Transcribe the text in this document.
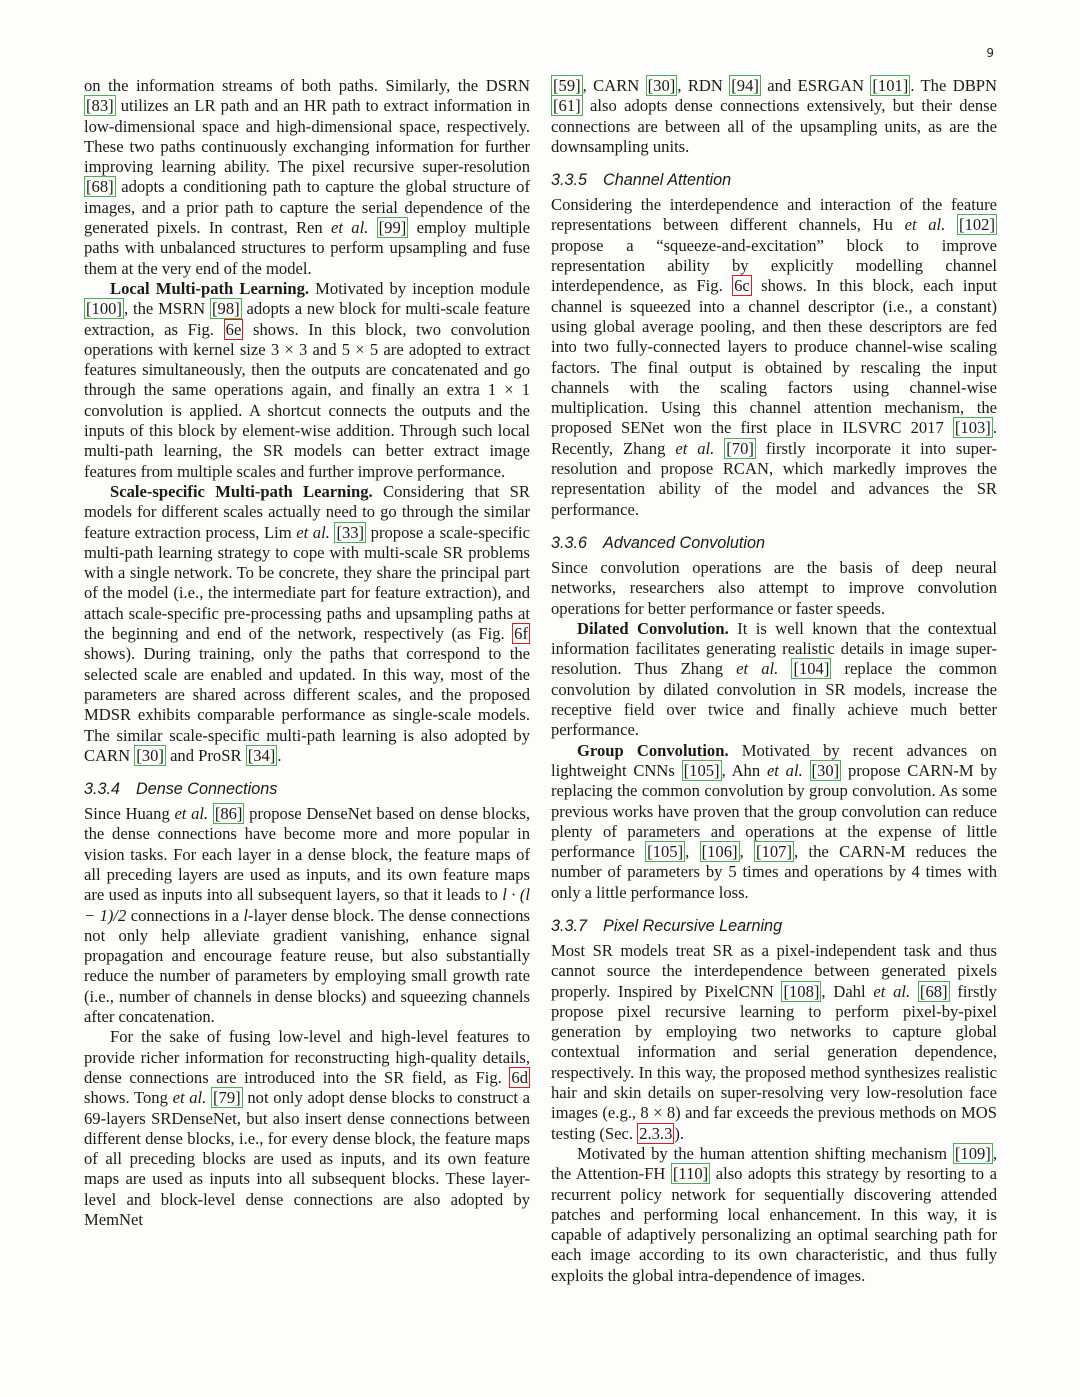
9

on the information streams of both paths. Similarly, the DSRN [83] utilizes an LR path and an HR path to extract information in low-dimensional space and high-dimensional space, respectively. These two paths continuously exchanging information for further improving learning ability. The pixel recursive super-resolution [68] adopts a conditioning path to capture the global structure of images, and a prior path to capture the serial dependence of the generated pixels. In contrast, Ren et al. [99] employ multiple paths with unbalanced structures to perform upsampling and fuse them at the very end of the model.

Local Multi-path Learning. Motivated by inception module [100] , the MSRN [98] adopts a new block for multi-scale feature extraction, as Fig. 6e shows. In this block, two convolution operations with kernel size 3 × 3 and 5 × 5 are adopted to extract features simultaneously, then the outputs are concatenated and go through the same operations again, and finally an extra 1 × 1 convolution is applied. A shortcut connects the outputs and the inputs of this block by element-wise addition. Through such local multi-path learning, the SR models can better extract image features from multiple scales and further improve performance.

Scale-specific Multi-path Learning. Considering that SR models for different scales actually need to go through the similar feature extraction process, Lim et al. [33] propose a scale-specific multi-path learning strategy to cope with multi-scale SR problems with a single network. To be concrete, they share the principal part of the model (i.e., the intermediate part for feature extraction), and attach scale-specific pre-processing paths and upsampling paths at the beginning and end of the network, respectively (as Fig. 6f shows). During training, only the paths that correspond to the selected scale are enabled and updated. In this way, most of the parameters are shared across different scales, and the proposed MDSR exhibits comparable performance as single-scale models. The similar scale-specific multi-path learning is also adopted by CARN [30] and ProSR [34] .

3.3.4 Dense Connections

Since Huang et al. [86] propose DenseNet based on dense blocks, the dense connections have become more and more popular in vision tasks. For each layer in a dense block, the feature maps of all preceding layers are used as inputs, and its own feature maps are used as inputs into all subsequent layers, so that it leads to l · (l − 1)/2 connections in a l-layer dense block. The dense connections not only help alleviate gradient vanishing, enhance signal propagation and encourage feature reuse, but also substantially reduce the number of parameters by employing small growth rate (i.e., number of channels in dense blocks) and squeezing channels after concatenation.

For the sake of fusing low-level and high-level features to provide richer information for reconstructing high-quality details, dense connections are introduced into the SR field, as Fig. 6d shows. Tong et al. [79] not only adopt dense blocks to construct a 69-layers SRDenseNet, but also insert dense connections between different dense blocks, i.e., for every dense block, the feature maps of all preceding blocks are used as inputs, and its own feature maps are used as inputs into all subsequent blocks. These layer-level and block-level dense connections are also adopted by MemNet

[59] , CARN [30] , RDN [94] and ESRGAN [101] . The DBPN [61] also adopts dense connections extensively, but their dense connections are between all of the upsampling units, as are the downsampling units.

3.3.5 Channel Attention

Considering the interdependence and interaction of the feature representations between different channels, Hu et al. [102] propose a “squeeze-and-excitation” block to improve representation ability by explicitly modelling channel interdependence, as Fig. 6c shows. In this block, each input channel is squeezed into a channel descriptor (i.e., a constant) using global average pooling, and then these descriptors are fed into two fully-connected layers to produce channel-wise scaling factors. The final output is obtained by rescaling the input channels with the scaling factors using channel-wise multiplication. Using this channel attention mechanism, the proposed SENet won the first place in ILSVRC 2017 [103] . Recently, Zhang et al. [70] firstly incorporate it into super-resolution and propose RCAN, which markedly improves the representation ability of the model and advances the SR performance.

3.3.6 Advanced Convolution

Since convolution operations are the basis of deep neural networks, researchers also attempt to improve convolution operations for better performance or faster speeds.

Dilated Convolution. It is well known that the contextual information facilitates generating realistic details in image super-resolution. Thus Zhang et al. [104] replace the common convolution by dilated convolution in SR models, increase the receptive field over twice and finally achieve much better performance.

Group Convolution. Motivated by recent advances on lightweight CNNs [105] , Ahn et al. [30] propose CARN-M by replacing the common convolution by group convolution. As some previous works have proven that the group convolution can reduce plenty of parameters and operations at the expense of little performance [105] , [106] , [107] , the CARN-M reduces the number of parameters by 5 times and operations by 4 times with only a little performance loss.

3.3.7 Pixel Recursive Learning

Most SR models treat SR as a pixel-independent task and thus cannot source the interdependence between generated pixels properly. Inspired by PixelCNN [108] , Dahl et al. [68] firstly propose pixel recursive learning to perform pixel-by-pixel generation by employing two networks to capture global contextual information and serial generation dependence, respectively. In this way, the proposed method synthesizes realistic hair and skin details on super-resolving very low-resolution face images (e.g., 8 × 8) and far exceeds the previous methods on MOS testing (Sec. 2.3.3 ).

Motivated by the human attention shifting mechanism [109] , the Attention-FH [110] also adopts this strategy by resorting to a recurrent policy network for sequentially discovering attended patches and performing local enhancement. In this way, it is capable of adaptively personalizing an optimal searching path for each image according to its own characteristic, and thus fully exploits the global intra-dependence of images.
